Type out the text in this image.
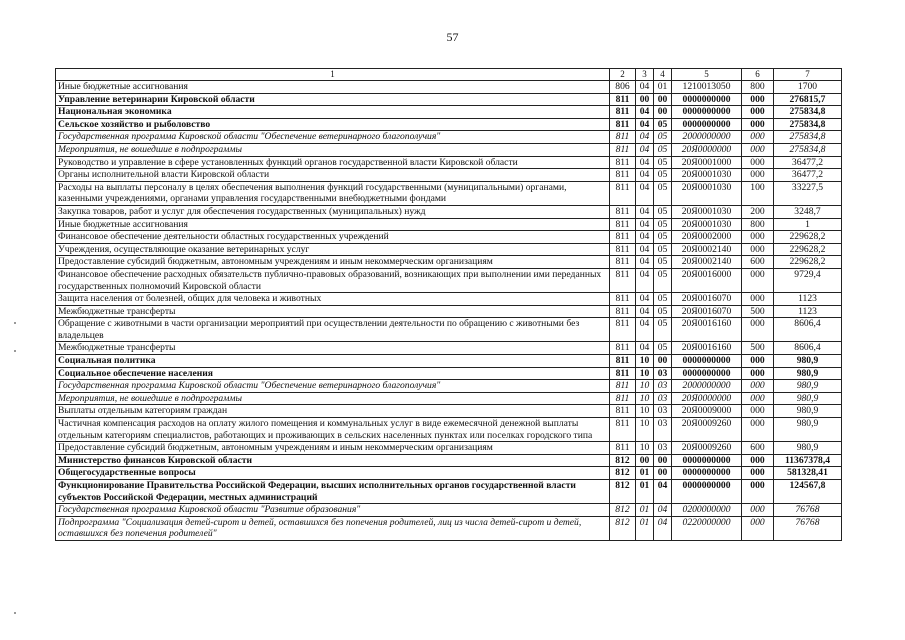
57
1	2	3	4	5	6	7
Иные бюджетные ассигнования	806	04	01	1210013050	800	1700
Управление ветеринарии Кировской области	811	00	00	0000000000	000	276815,7
Национальная экономика	811	04	00	0000000000	000	275834,8
Сельское хозяйство и рыболовство	811	04	05	0000000000	000	275834,8
Государственная программа Кировской области "Обеспечение ветеринарного благополучия"	811	04	05	2000000000	000	275834,8
Мероприятия, не вошедшие в подпрограммы	811	04	05	20Я0000000	000	275834,8
Руководство и управление в сфере установленных функций органов государственной власти Кировской области	811	04	05	20Я0001000	000	36477,2
Органы исполнительной власти Кировской области	811	04	05	20Я0001030	000	36477,2
Расходы на выплаты персоналу в целях обеспечения выполнения функций государственными (муниципальными) органами, казенными учреждениями, органами управления государственными внебюджетными фондами	811	04	05	20Я0001030	100	33227,5
Закупка товаров, работ и услуг для обеспечения государственных (муниципальных) нужд	811	04	05	20Я0001030	200	3248,7
Иные бюджетные ассигнования	811	04	05	20Я0001030	800	1
Финансовое обеспечение деятельности областных государственных учреждений	811	04	05	20Я0002000	000	229628,2
Учреждения, осуществляющие оказание ветеринарных услуг	811	04	05	20Я0002140	000	229628,2
Предоставление субсидий бюджетным, автономным учреждениям и иным некоммерческим организациям	811	04	05	20Я0002140	600	229628,2
Финансовое обеспечение расходных обязательств публично-правовых образований, возникающих при выполнении ими переданных государственных полномочий Кировской области	811	04	05	20Я0016000	000	9729,4
Защита населения от болезней, общих для человека и животных	811	04	05	20Я0016070	000	1123
Межбюджетные трансферты	811	04	05	20Я0016070	500	1123
Обращение с животными в части организации мероприятий при осуществлении деятельности по обращению с животными без владельцев	811	04	05	20Я0016160	000	8606,4
Межбюджетные трансферты	811	04	05	20Я0016160	500	8606,4
Социальная политика	811	10	00	0000000000	000	980,9
Социальное обеспечение населения	811	10	03	0000000000	000	980,9
Государственная программа Кировской области "Обеспечение ветеринарного благополучия"	811	10	03	2000000000	000	980,9
Мероприятия, не вошедшие в подпрограммы	811	10	03	20Я0000000	000	980,9
Выплаты отдельным категориям граждан	811	10	03	20Я0009000	000	980,9
Частичная компенсация расходов на оплату жилого помещения и коммунальных услуг в виде ежемесячной денежной выплаты отдельным категориям специалистов, работающих и проживающих в сельских населенных пунктах или поселках городского типа	811	10	03	20Я0009260	000	980,9
Предоставление субсидий бюджетным, автономным учреждениям и иным некоммерческим организациям	811	10	03	20Я0009260	600	980,9
Министерство финансов Кировской области	812	00	00	0000000000	000	11367378,4
Общегосударственные вопросы	812	01	00	0000000000	000	581328,41
Функционирование Правительства Российской Федерации, высших исполнительных органов государственной власти субъектов Российской Федерации, местных администраций	812	01	04	0000000000	000	124567,8
Государственная программа Кировской области "Развитие образования"	812	01	04	0200000000	000	76768
Подпрограмма "Социализация детей-сирот и детей, оставшихся без попечения родителей, лиц из числа детей-сирот и детей, оставшихся без попечения родителей"	812	01	04	0220000000	000	76768
